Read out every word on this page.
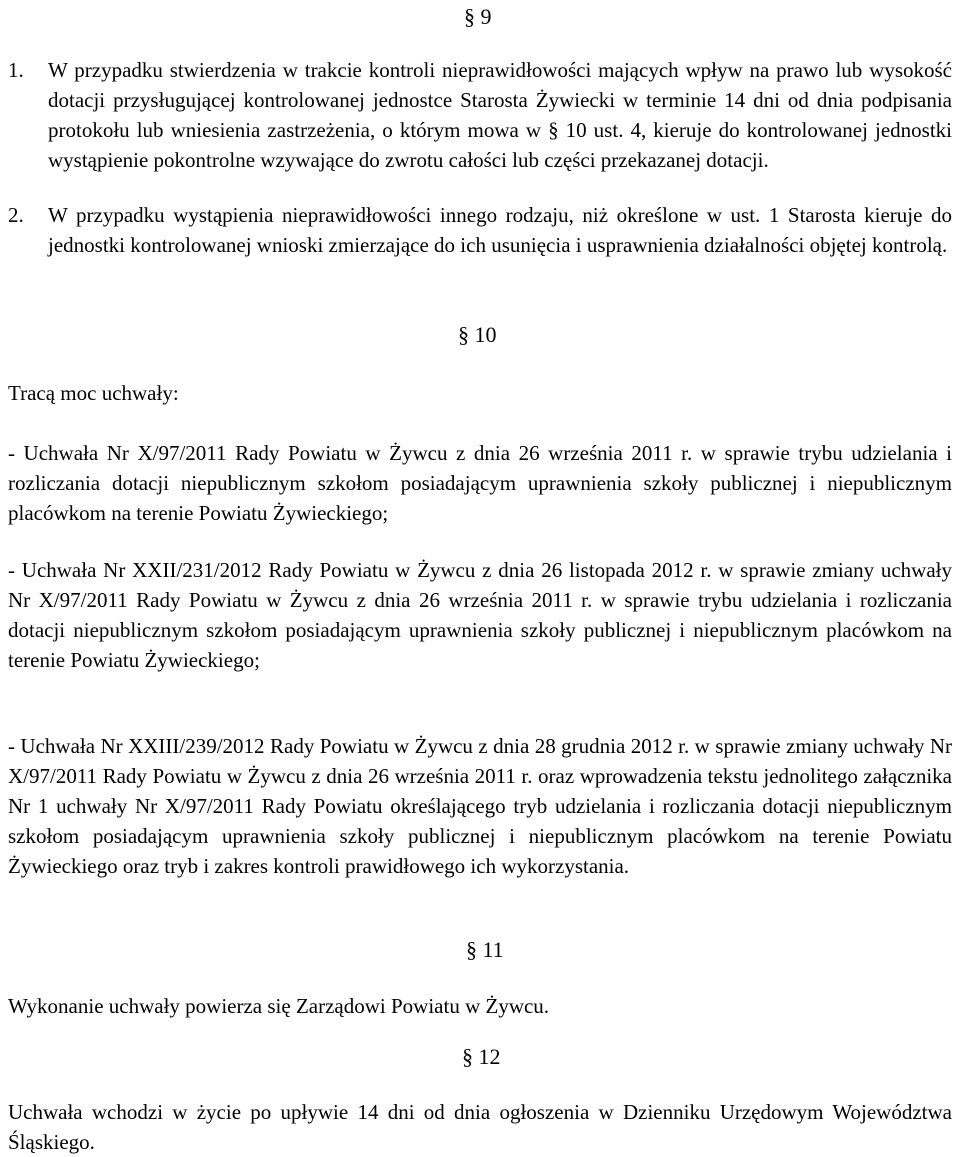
§ 9
1. W przypadku stwierdzenia w trakcie kontroli nieprawidłowości mających wpływ na prawo lub wysokość dotacji przysługującej kontrolowanej jednostce Starosta Żywiecki w terminie 14 dni od dnia podpisania protokołu lub wniesienia zastrzeżenia, o którym mowa w § 10 ust. 4, kieruje do kontrolowanej jednostki wystąpienie pokontrolne wzywające do zwrotu całości lub części przekazanej dotacji.
2. W przypadku wystąpienia nieprawidłowości innego rodzaju, niż określone w ust. 1 Starosta kieruje do jednostki kontrolowanej wnioski zmierzające do ich usunięcia i usprawnienia działalności objętej kontrolą.
§ 10
Tracą moc uchwały:
- Uchwała Nr X/97/2011 Rady Powiatu w Żywcu z dnia 26 września 2011 r. w sprawie trybu udzielania i rozliczania dotacji niepublicznym szkołom posiadającym uprawnienia szkoły publicznej i niepublicznym placówkom na terenie Powiatu Żywieckiego;
- Uchwała Nr XXII/231/2012 Rady Powiatu w Żywcu z dnia 26 listopada 2012 r. w sprawie zmiany uchwały Nr X/97/2011 Rady Powiatu w Żywcu z dnia 26 września 2011 r. w sprawie trybu udzielania i rozliczania dotacji niepublicznym szkołom posiadającym uprawnienia szkoły publicznej i niepublicznym placówkom na terenie Powiatu Żywieckiego;
- Uchwała Nr XXIII/239/2012 Rady Powiatu w Żywcu z dnia 28 grudnia 2012 r. w sprawie zmiany uchwały Nr X/97/2011 Rady Powiatu w Żywcu z dnia 26 września 2011 r. oraz wprowadzenia tekstu jednolitego załącznika Nr 1 uchwały Nr X/97/2011 Rady Powiatu określającego tryb udzielania i rozliczania dotacji niepublicznym szkołom posiadającym uprawnienia szkoły publicznej i niepublicznym placówkom na terenie Powiatu Żywieckiego oraz tryb i zakres kontroli prawidłowego ich wykorzystania.
§ 11
Wykonanie uchwały powierza się Zarządowi Powiatu w Żywcu.
§ 12
Uchwała wchodzi w życie po upływie 14 dni od dnia ogłoszenia w Dzienniku Urzędowym Województwa Śląskiego.
